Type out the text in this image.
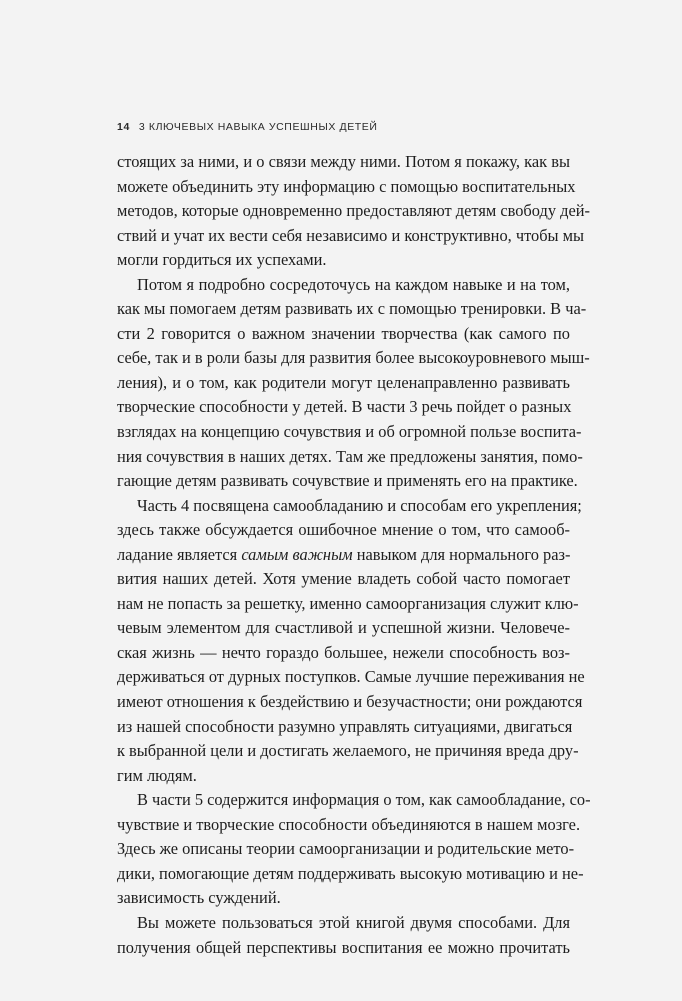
14 3 КЛЮЧЕВЫХ НАВЫКА УСПЕШНЫХ ДЕТЕЙ

стоящих за ними, и о связи между ними. Потом я покажу, как вы
можете объединить эту информацию с помощью воспитательных
методов, которые одновременно предоставляют детям свободу дей-
ствий и учат их вести себя независимо и конструктивно, чтобы мы
могли гордиться их успехами.

Потом я подробно сосредоточусь на каждом навыке и на том,
как мы помогаем детям развивать их с помощью тренировки. В ча-
сти 2 говорится о важном значении творчества (как самого по
себе, так и в роли базы для развития более высокоуровневого мыш-
ления), и о том, как родители могут целенаправленно развивать
творческие способности у детей. В части 3 речь пойдет о разных
взглядах на концепцию сочувствия и об огромной пользе воспита-
ния сочувствия в наших детях. Там же предложены занятия, помо-
гающие детям развивать сочувствие и применять его на практике.

Часть 4 посвящена самообладанию и способам его укрепления;
здесь также обсуждается ошибочное мнение о том, что самооб-
ладание является самым важным навыком для нормального раз-
вития наших детей. Хотя умение владеть собой часто помогает
нам не попасть за решетку, именно самоорганизация служит клю-
чевым элементом для счастливой и успешной жизни. Человече-
ская жизнь — нечто гораздо большее, нежели способность воз-
держиваться от дурных поступков. Самые лучшие переживания не
имеют отношения к бездействию и безучастности; они рождаются
из нашей способности разумно управлять ситуациями, двигаться
к выбранной цели и достигать желаемого, не причиняя вреда дру-
гим людям.

В части 5 содержится информация о том, как самообладание, со-
чувствие и творческие способности объединяются в нашем мозге.
Здесь же описаны теории самоорганизации и родительские мето-
дики, помогающие детям поддерживать высокую мотивацию и не-
зависимость суждений.

Вы можете пользоваться этой книгой двумя способами. Для
получения общей перспективы воспитания ее можно прочитать
